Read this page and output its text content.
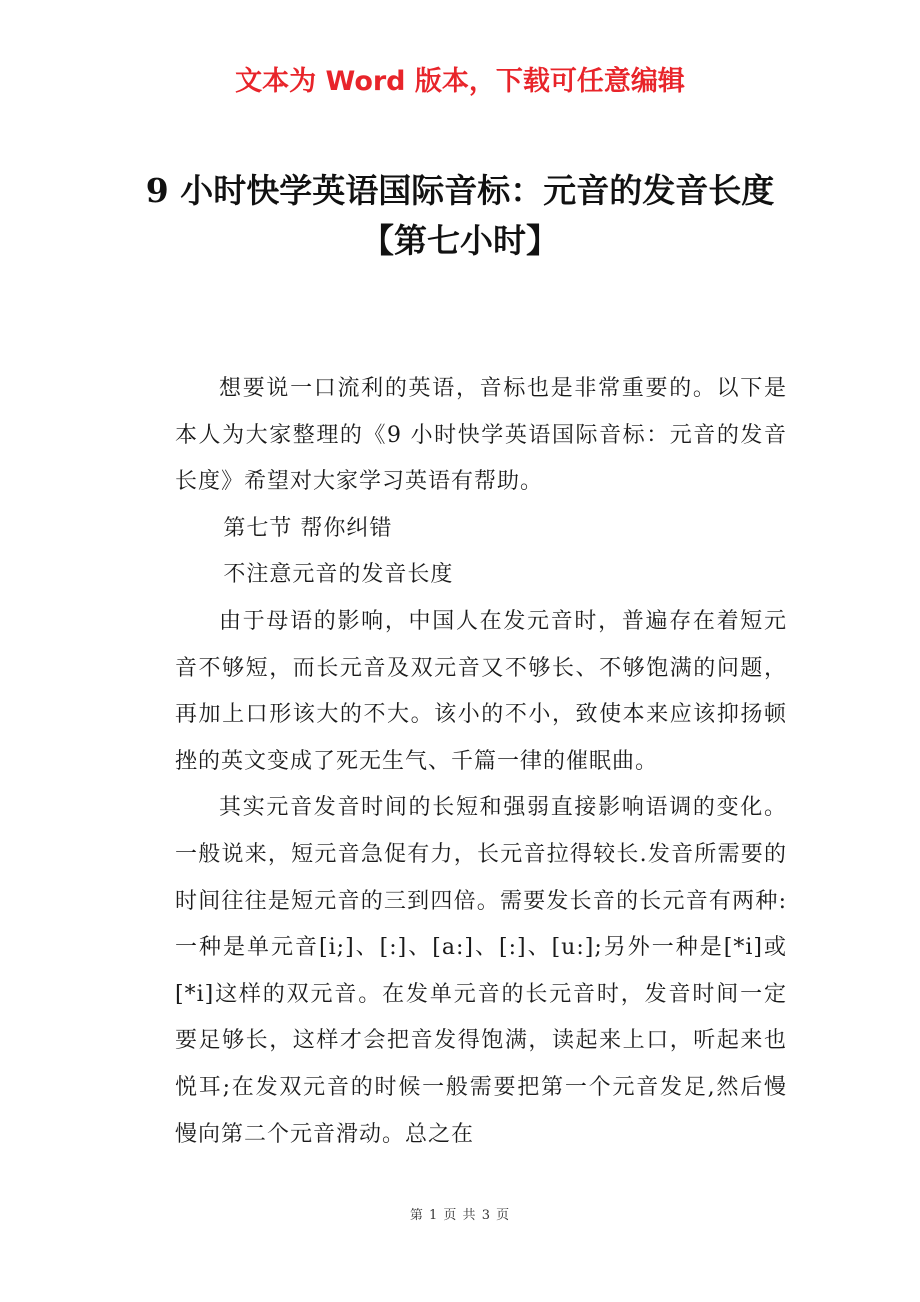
文本为 Word 版本，下载可任意编辑
9 小时快学英语国际音标：元音的发音长度
【第七小时】

想要说一口流利的英语，音标也是非常重要的。以下是本人为大家整理的《9 小时快学英语国际音标：元音的发音长度》希望对大家学习英语有帮助。

第七节 帮你纠错

不注意元音的发音长度

由于母语的影响，中国人在发元音时，普遍存在着短元音不够短，而长元音及双元音又不够长、不够饱满的问题，再加上口形该大的不大。该小的不小，致使本来应该抑扬顿挫的英文变成了死无生气、千篇一律的催眠曲。

其实元音发音时间的长短和强弱直接影响语调的变化。一般说来，短元音急促有力，长元音拉得较长.发音所需要的时间往往是短元音的三到四倍。需要发长音的长元音有两种:一种是单元音[i;]、[:]、[a:]、[:]、[u:];另外一种是[*i]或[*i]这样的双元音。在发单元音的长元音时，发音时间一定要足够长，这样才会把音发得饱满，读起来上口，听起来也悦耳;在发双元音的时候一般需要把第一个元音发足,然后慢慢向第二个元音滑动。总之在

第 1 页 共 3 页
